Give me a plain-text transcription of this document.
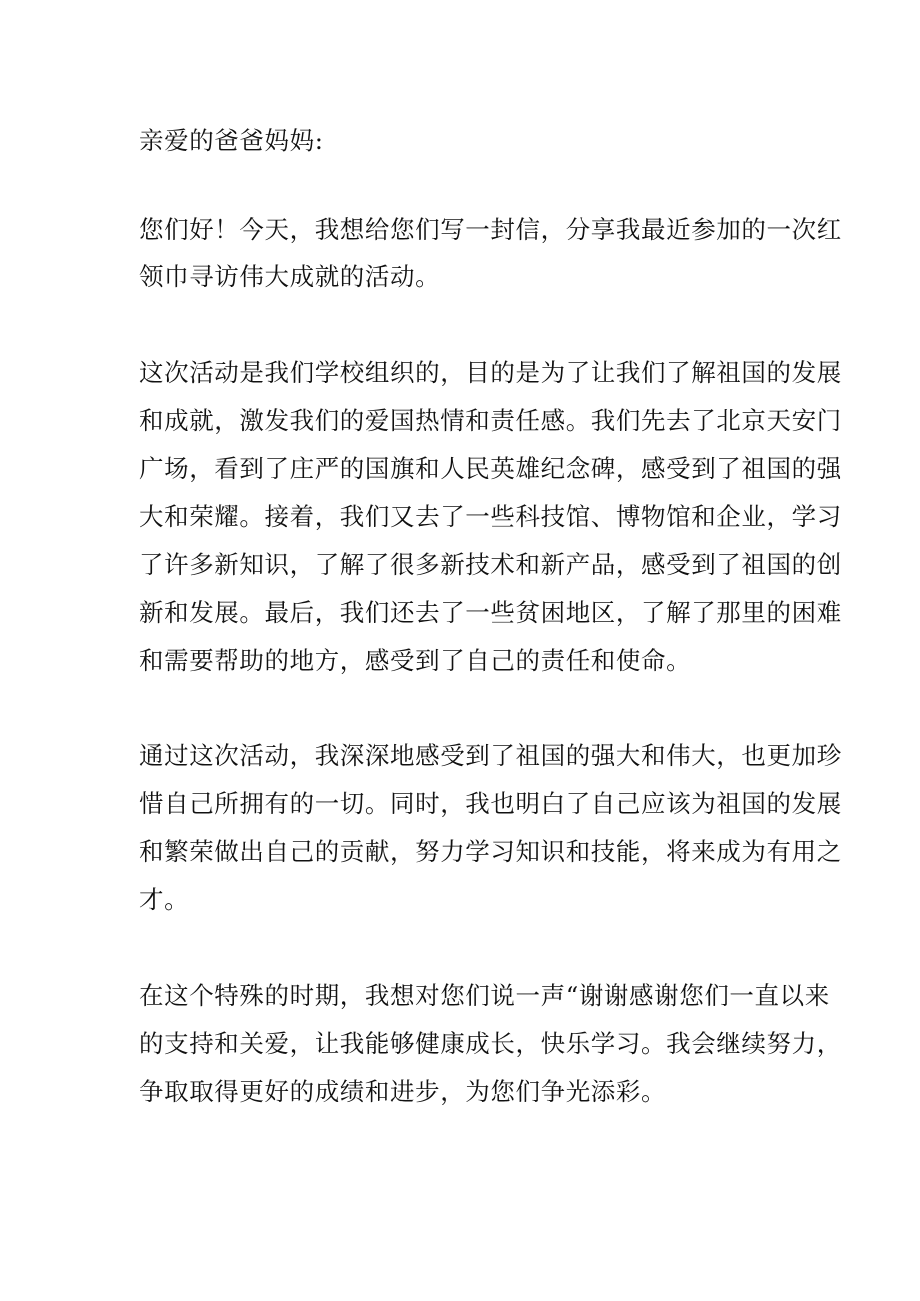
亲爱的爸爸妈妈:

您们好！今天，我想给您们写一封信，分享我最近参加的一次红

领巾寻访伟大成就的活动。

这次活动是我们学校组织的，目的是为了让我们了解祖国的发展

和成就，激发我们的爱国热情和责任感。我们先去了北京天安门

广场，看到了庄严的国旗和人民英雄纪念碑，感受到了祖国的强

大和荣耀。接着，我们又去了一些科技馆、博物馆和企业，学习

了许多新知识，了解了很多新技术和新产品，感受到了祖国的创

新和发展。最后，我们还去了一些贫困地区，了解了那里的困难

和需要帮助的地方，感受到了自己的责任和使命。

通过这次活动，我深深地感受到了祖国的强大和伟大，也更加珍

惜自己所拥有的一切。同时，我也明白了自己应该为祖国的发展

和繁荣做出自己的贡献，努力学习知识和技能，将来成为有用之

才。

在这个特殊的时期，我想对您们说一声“谢谢感谢您们一直以来

的支持和关爱，让我能够健康成长，快乐学习。我会继续努力，

争取取得更好的成绩和进步，为您们争光添彩。
